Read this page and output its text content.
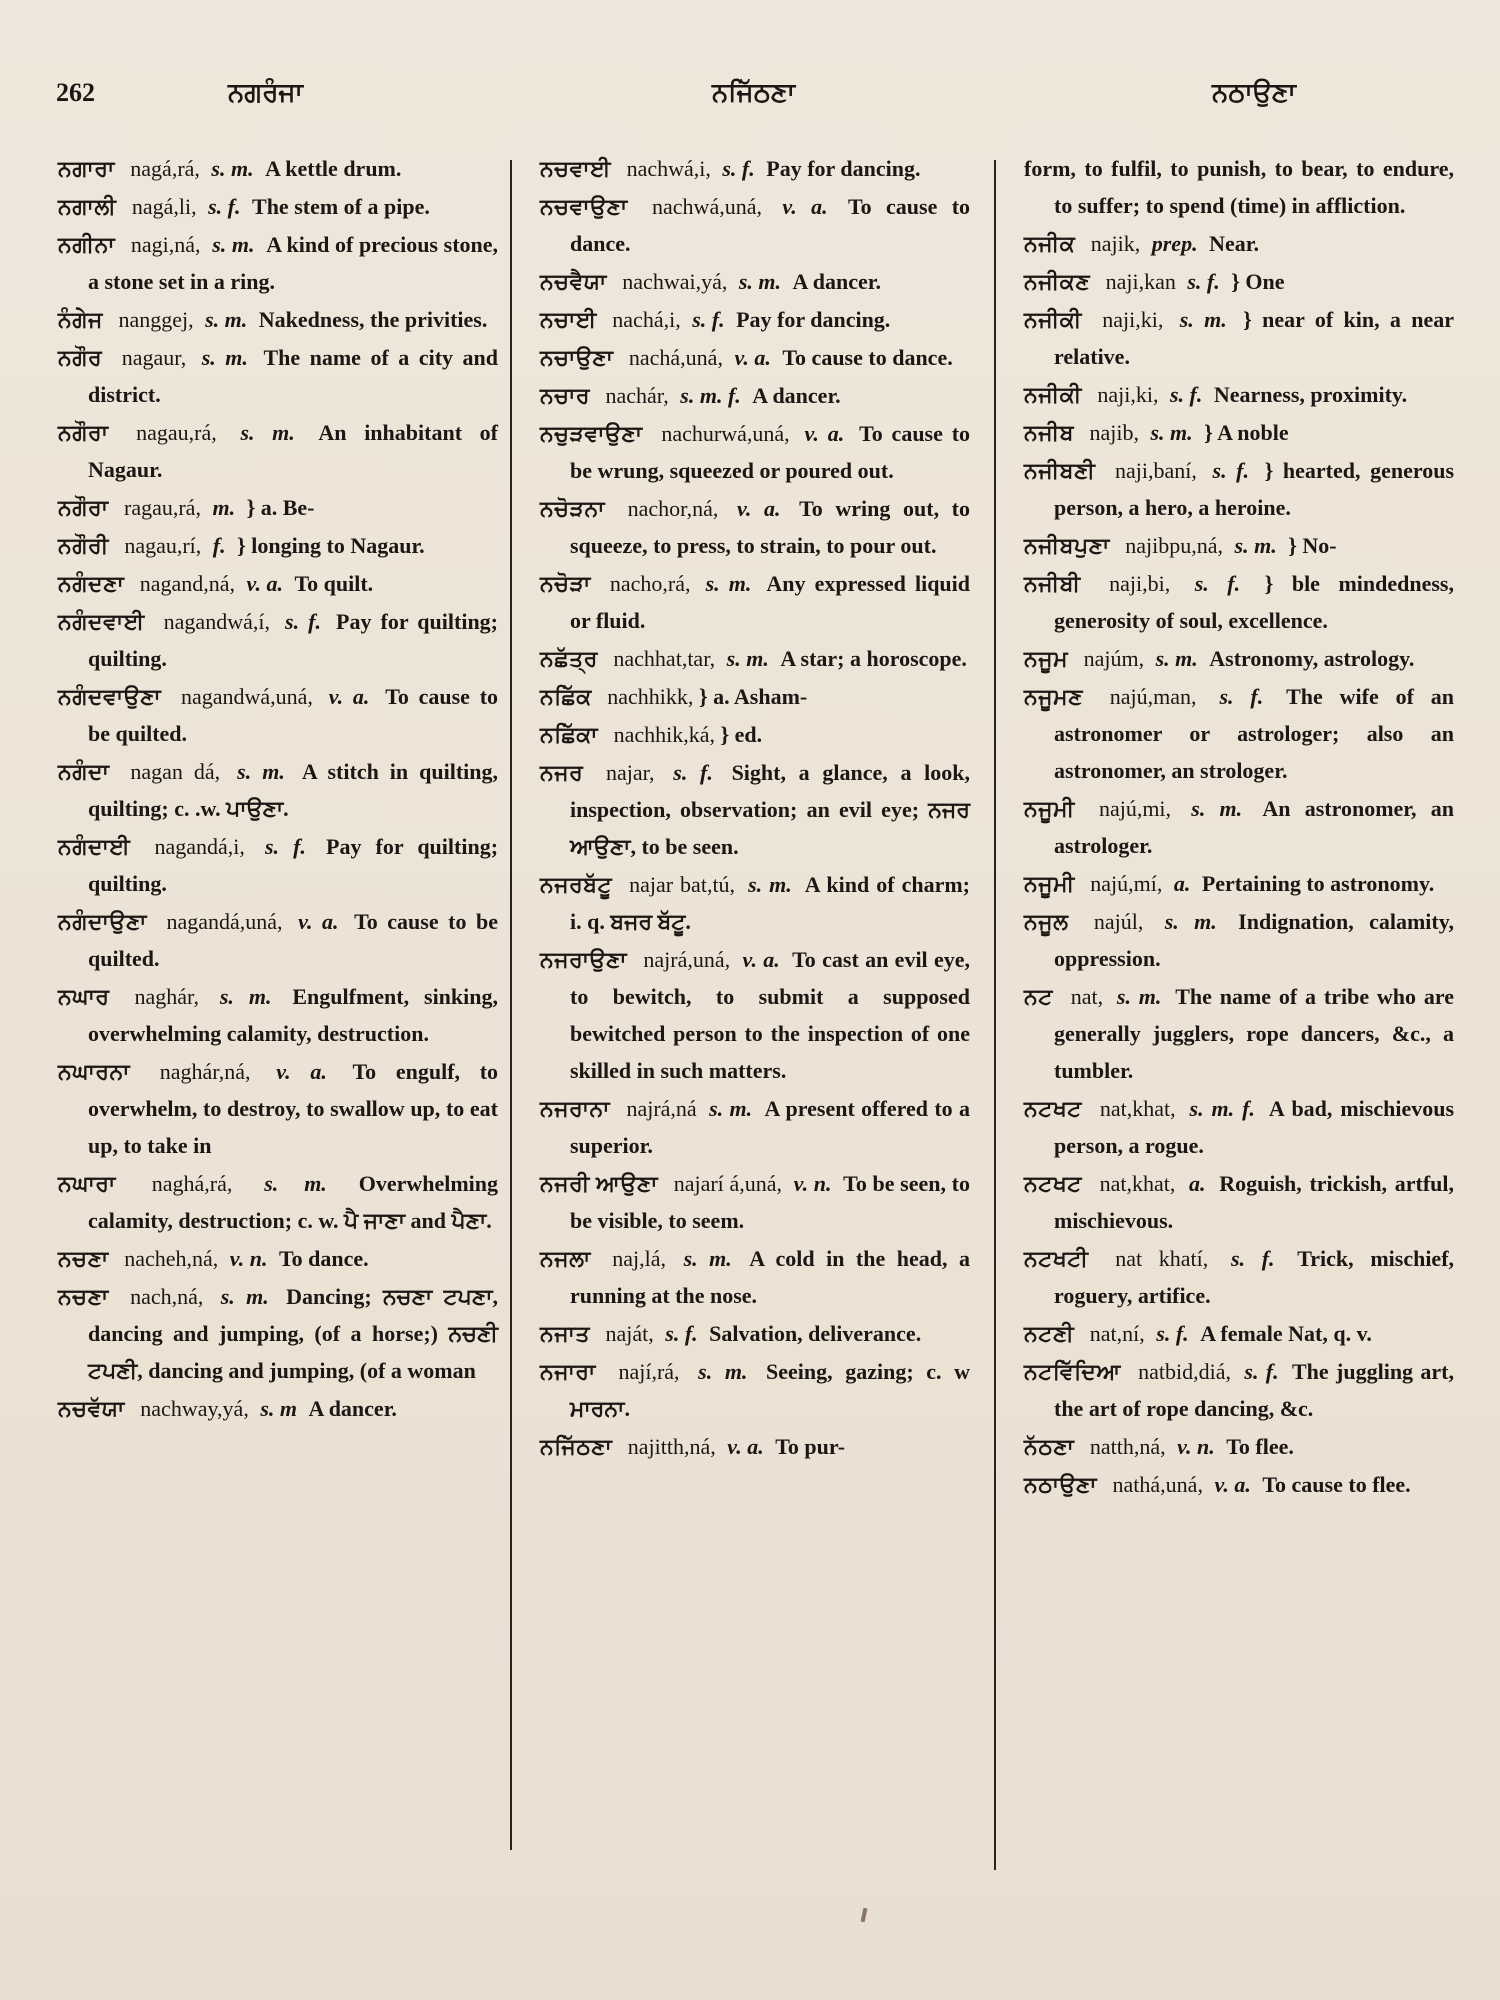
262	ਨਗਰੰਜਾ	ਨਜਿੱਠਣਾ	ਨਠਾਉਣਾ

ਨਗਾਰਾ nagá,rá, s. m. A kettle drum.

ਨਗਾਲੀ nagá,li, s. f. The stem of a pipe.

ਨਗੀਨਾ nagi,ná, s. m. A kind of precious stone, a stone set in a ring.

ਨੰਗੇਜ nanggej, s. m. Nakedness, the privities.

ਨਗੌਰ nagaur, s. m. The name of a city and district.

ਨਗੌਰਾ nagau,rá, s. m. An inhabitant of Nagaur.

ਨਗੌਰਾ ragau,rá, m. } a. Be-

ਨਗੌਰੀ nagau,rí, f. } longing to Nagaur.

ਨਗੰਦਣਾ nagand,ná, v. a. To quilt.

ਨਗੰਦਵਾਈ nagandwá,í, s. f. Pay for quilting; quilting.

ਨਗੰਦਵਾਉਣਾ nagandwá,uná, v. a. To cause to be quilted.

ਨਗੰਦਾ nagan dá, s. m. A stitch in quilting, quilting; c. .w. ਪਾਉਣਾ.

ਨਗੰਦਾਈ nagandá,i, s. f. Pay for quilting; quilting.

ਨਗੰਦਾਉਣਾ nagandá,uná, v. a. To cause to be quilted.

ਨਘਾਰ naghár, s. m. Engulfment, sinking, overwhelming calamity, destruction.

ਨਘਾਰਨਾ naghár,ná, v. a. To engulf, to overwhelm, to destroy, to swallow up, to eat up, to take in

ਨਘਾਰਾ naghá,rá, s. m. Overwhelming calamity, destruction; c. w. ਪੈ ਜਾਣਾ and ਪੈਣਾ.

ਨਚਣਾ nacheh,ná, v. n. To dance.

ਨਚਣਾ nach,ná, s. m. Dancing; ਨਚਣਾ ਟਪਣਾ, dancing and jumping, (of a horse;) ਨਚਣੀ ਟਪਣੀ, dancing and jumping, (of a woman

ਨਚਵੱਯਾ nachway,yá, s. m A dancer.

ਨਚਵਾਈ nachwá,i, s. f. Pay for dancing.

ਨਚਵਾਉਣਾ nachwá,uná, v. a. To cause to dance.

ਨਚਵੈਯਾ nachwai,yá, s. m. A dancer.

ਨਚਾਈ nachá,i, s. f. Pay for dancing.

ਨਚਾਉਣਾ nachá,uná, v. a. To cause to dance.

ਨਚਾਰ nachár, s. m. f. A dancer.

ਨਚੁੜਵਾਉਣਾ nachurwá,uná, v. a. To cause to be wrung, squeezed or poured out.

ਨਚੋੜਨਾ nachor,ná, v. a. To wring out, to squeeze, to press, to strain, to pour out.

ਨਚੋੜਾ nacho,rá, s. m. Any expressed liquid or fluid.

ਨਛੱਤ੍ਰ nachhat,tar, s. m. A star; a horoscope.

ਨਛਿੱਕ nachhikk, } a. Asham-

ਨਛਿੱਕਾ nachhik,ká, } ed.

ਨਜਰ najar, s. f. Sight, a glance, a look, inspection, observation; an evil eye; ਨਜਰ ਆਉਣਾ, to be seen.

ਨਜਰਬੱਟੂ najar bat,tú, s. m. A kind of charm; i. q. ਬਜਰ ਬੱਟੂ.

ਨਜਰਾਉਣਾ najrá,uná, v. a. To cast an evil eye, to bewitch, to submit a supposed bewitched person to the inspection of one skilled in such matters.

ਨਜਰਾਨਾ najrá,ná s. m. A present offered to a superior.

ਨਜਰੀ ਆਉਣਾ najarí á,uná, v. n. To be seen, to be visible, to seem.

ਨਜਲਾ naj,lá, s. m. A cold in the head, a running at the nose.

ਨਜਾਤ naját, s. f. Salvation, deliverance.

ਨਜਾਰਾ nají,rá, s. m. Seeing, gazing; c. w ਮਾਰਨਾ.

ਨਜਿੱਠਣਾ najitth,ná, v. a. To pur-

form, to fulfil, to punish, to bear, to endure, to suffer; to spend (time) in affliction.

ਨਜੀਕ najik, prep. Near.

ਨਜੀਕਣ naji,kan s. f. } One

ਨਜੀਕੀ naji,ki, s. m. } near of kin, a near relative.

ਨਜੀਕੀ naji,ki, s. f. Nearness, proximity.

ਨਜੀਬ najib, s. m. } A noble

ਨਜੀਬਣੀ naji,baní, s. f. } hearted, generous person, a hero, a heroine.

ਨਜੀਬਪੁਣਾ najibpu,ná, s. m. } No-

ਨਜੀਬੀ naji,bi, s. f. } ble mindedness, generosity of soul, excellence.

ਨਜੂਮ najúm, s. m. Astronomy, astrology.

ਨਜੂਮਣ najú,man, s. f. The wife of an astronomer or astrologer; also an astronomer, an strologer.

ਨਜੂਮੀ najú,mi, s. m. An astronomer, an astrologer.

ਨਜੂਮੀ najú,mí, a. Pertaining to astronomy.

ਨਜੂਲ najúl, s. m. Indignation, calamity, oppression.

ਨਟ nat, s. m. The name of a tribe who are generally jugglers, rope dancers, &c., a tumbler.

ਨਟਖਟ nat,khat, s. m. f. A bad, mischievous person, a rogue.

ਨਟਖਟ nat,khat, a. Roguish, trickish, artful, mischievous.

ਨਟਖਟੀ nat khatí, s. f. Trick, mischief, roguery, artifice.

ਨਟਣੀ nat,ní, s. f. A female Nat, q. v.

ਨਟਵਿੱਦਿਆ natbid,diá, s. f. The juggling art, the art of rope dancing, &c.

ਨੱਠਣਾ natth,ná, v. n. To flee.

ਨਠਾਉਣਾ nathá,uná, v. a. To cause to flee.
